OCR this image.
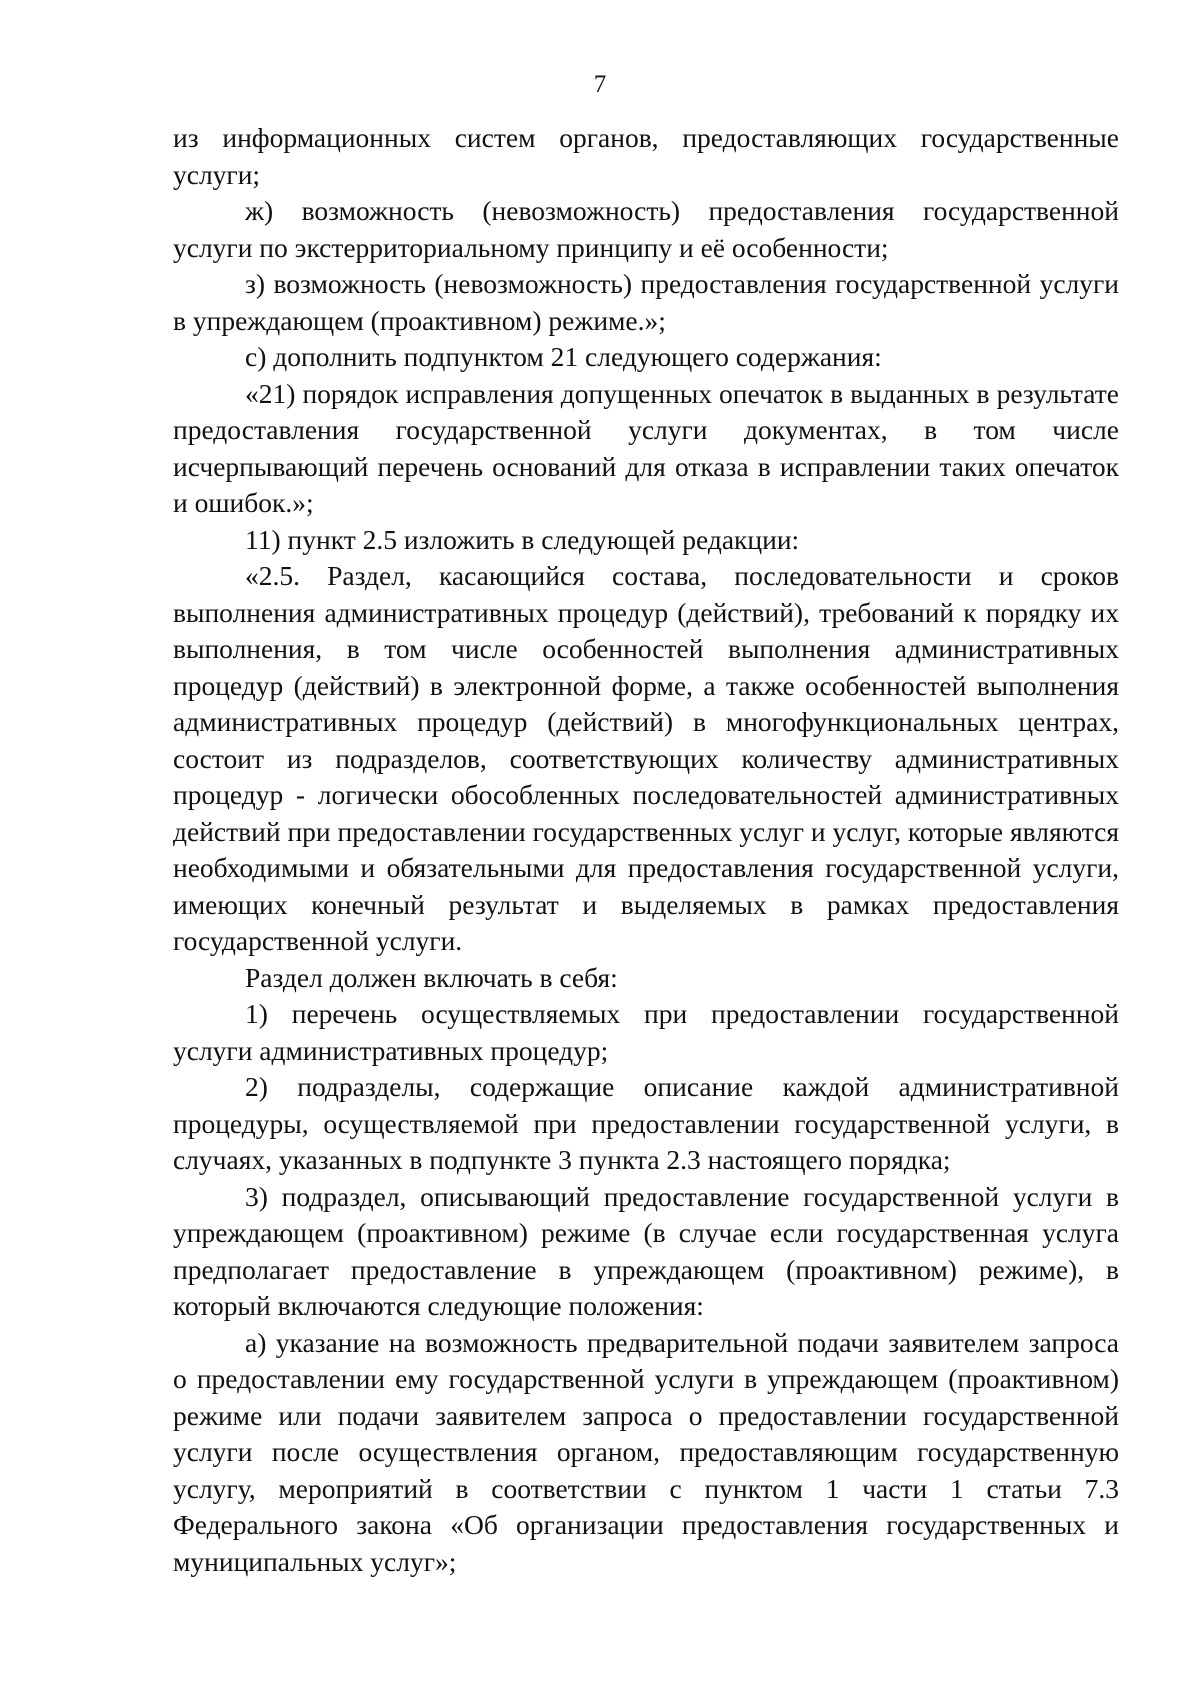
7

из информационных систем органов, предоставляющих государственные услуги;

ж) возможность (невозможность) предоставления государственной услуги по экстерриториальному принципу и её особенности;

з) возможность (невозможность) предоставления государственной услуги в упреждающем (проактивном) режиме.»;

с) дополнить подпунктом 21 следующего содержания:

«21) порядок исправления допущенных опечаток в выданных в результате предоставления государственной услуги документах, в том числе исчерпывающий перечень оснований для отказа в исправлении таких опечаток и ошибок.»;

11) пункт 2.5 изложить в следующей редакции:

«2.5. Раздел, касающийся состава, последовательности и сроков выполнения административных процедур (действий), требований к порядку их выполнения, в том числе особенностей выполнения административных процедур (действий) в электронной форме, а также особенностей выполнения административных процедур (действий) в многофункциональных центрах, состоит из подразделов, соответствующих количеству административных процедур - логически обособленных последовательностей административных действий при предоставлении государственных услуг и услуг, которые являются необходимыми и обязательными для предоставления государственной услуги, имеющих конечный результат и выделяемых в рамках предоставления государственной услуги.

Раздел должен включать в себя:

1) перечень осуществляемых при предоставлении государственной услуги административных процедур;

2) подразделы, содержащие описание каждой административной процедуры, осуществляемой при предоставлении государственной услуги, в случаях, указанных в подпункте 3 пункта 2.3 настоящего порядка;

3) подраздел, описывающий предоставление государственной услуги в упреждающем (проактивном) режиме (в случае если государственная услуга предполагает предоставление в упреждающем (проактивном) режиме), в который включаются следующие положения:

а) указание на возможность предварительной подачи заявителем запроса о предоставлении ему государственной услуги в упреждающем (проактивном) режиме или подачи заявителем запроса о предоставлении государственной услуги после осуществления органом, предоставляющим государственную услугу, мероприятий в соответствии с пунктом 1 части 1 статьи 7.3 Федерального закона «Об организации предоставления государственных и муниципальных услуг»;
